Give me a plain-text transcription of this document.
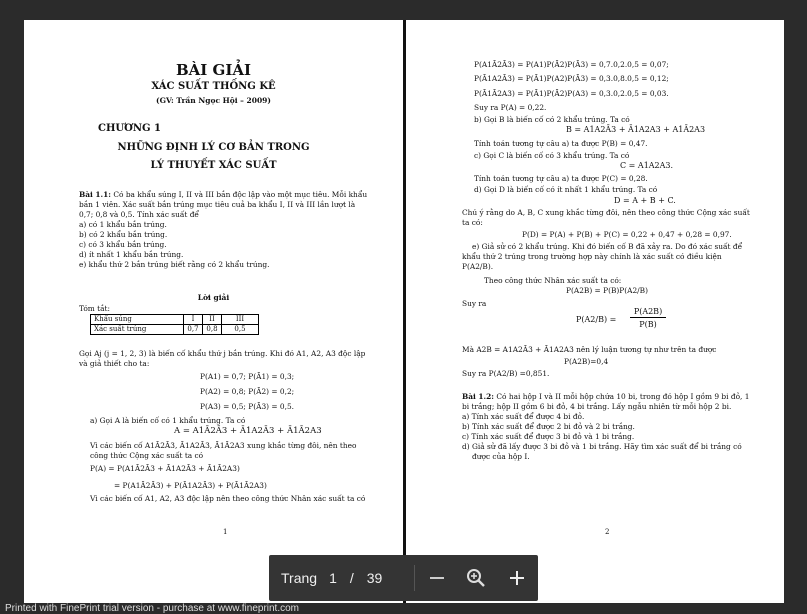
BÀI GIẢI
XÁC SUẤT THỐNG KÊ
(GV: Trần Ngọc Hội – 2009)
CHƯƠNG 1
NHỮNG ĐỊNH LÝ CƠ BẢN TRONG
LÝ THUYẾT XÁC SUẤT

Bài 1.1: Có ba khẩu súng I, II và III bắn độc lập vào một mục tiêu. Mỗi khẩu bắn 1 viên. Xác suất bắn trúng mục tiêu cuả ba khẩu I, II và III lần lượt là 0,7; 0,8 và 0,5. Tính xác suất để

a) có 1 khẩu bắn trúng.

b) có 2 khẩu bắn trúng.

c) có 3 khẩu bắn trúng.

d) ít nhất 1 khẩu bắn trúng.

e) khẩu thứ 2 bắn trúng biết rằng có 2 khẩu trúng.

Lời giải
Tóm tắt:
Khẩu súng	I	II	III
Xác suất trúng	0,7	0,8	0,5
Gọi Aj (j = 1, 2, 3) là biến cố khẩu thứ j bắn trúng. Khi đó A1, A2, A3 độc lập và giả thiết cho ta:
P(A1) = 0,7; P(Ā1) = 0,3;
P(A2) = 0,8; P(Ā2) = 0,2;
P(A3) = 0,5; P(Ā3) = 0,5.
a) Gọi A là biến cố có 1 khẩu trúng. Ta có
A = A1Ā2Ā3 + Ā1A2Ā3 + Ā1Ā2A3
Vì các biến cố A1Ā2Ā3, Ā1A2Ā3, Ā1Ā2A3 xung khắc từng đôi, nên theo công thức Cộng xác suất ta có
P(A) = P(A1Ā2Ā3 + Ā1A2Ā3 + Ā1Ā2A3)
= P(A1Ā2Ā3) + P(Ā1A2Ā3) + P(Ā1Ā2A3)
Vì các biến cố A1, A2, A3 độc lập nên theo công thức Nhân xác suất ta có
1
P(A1Ā2Ā3) = P(A1)P(Ā2)P(Ā3) = 0,7.0,2.0,5 = 0,07;
P(Ā1A2Ā3) = P(Ā1)P(A2)P(Ā3) = 0,3.0,8.0,5 = 0,12;
P(Ā1Ā2A3) = P(Ā1)P(Ā2)P(A3) = 0,3.0,2.0,5 = 0,03.
Suy ra P(A) = 0,22.
b) Gọi B là biến cố có 2 khẩu trúng. Ta có
B = A1A2Ā3 + Ā1A2A3 + A1Ā2A3
Tính toán tương tự câu a) ta được P(B) = 0,47.
c) Gọi C là biến cố có 3 khẩu trúng. Ta có
C = A1A2A3.
Tính toán tương tự câu a) ta được P(C) = 0,28.
d) Gọi D là biến cố có ít nhất 1 khẩu trúng. Ta có
D = A + B + C.
Chú ý rằng do A, B, C xung khắc từng đôi, nên theo công thức Cộng xác suất ta có:
P(D) = P(A) + P(B) + P(C) = 0,22 + 0,47 + 0,28 = 0,97.
e) Giả sử có 2 khẩu trúng. Khi đó biến cố B đã xảy ra. Do đó xác suất để khẩu thứ 2 trúng trong trường hợp này chính là xác suất có điều kiện P(A2/B).
Theo công thức Nhân xác suất ta có:
P(A2B) = P(B)P(A2/B)
Suy ra
P(A2/B) =
P(A2B)
P(B)
Mà A2B = A1A2Ā3 + Ā1A2A3 nên lý luận tương tự như trên ta được
P(A2B)=0,4
Suy ra P(A2/B) =0,851.

Bài 1.2: Có hai hộp I và II mỗi hộp chứa 10 bi, trong đó hộp I gồm 9 bi đỏ, 1 bi trắng; hộp II gồm 6 bi đỏ, 4 bi trắng. Lấy ngẫu nhiên từ mỗi hộp 2 bi.

a) Tính xác suất để được 4 bi đỏ.

b) Tính xác suất để được 2 bi đỏ và 2 bi trắng.

c) Tính xác suất để được 3 bi đỏ và 1 bi trắng.

d) Giả sử đã lấy được 3 bi đỏ và 1 bi trắng. Hãy tìm xác suất để bi trắng có được của hộp I.

2
Trang 1 / 39
Printed with FinePrint trial version - purchase at www.fineprint.com
